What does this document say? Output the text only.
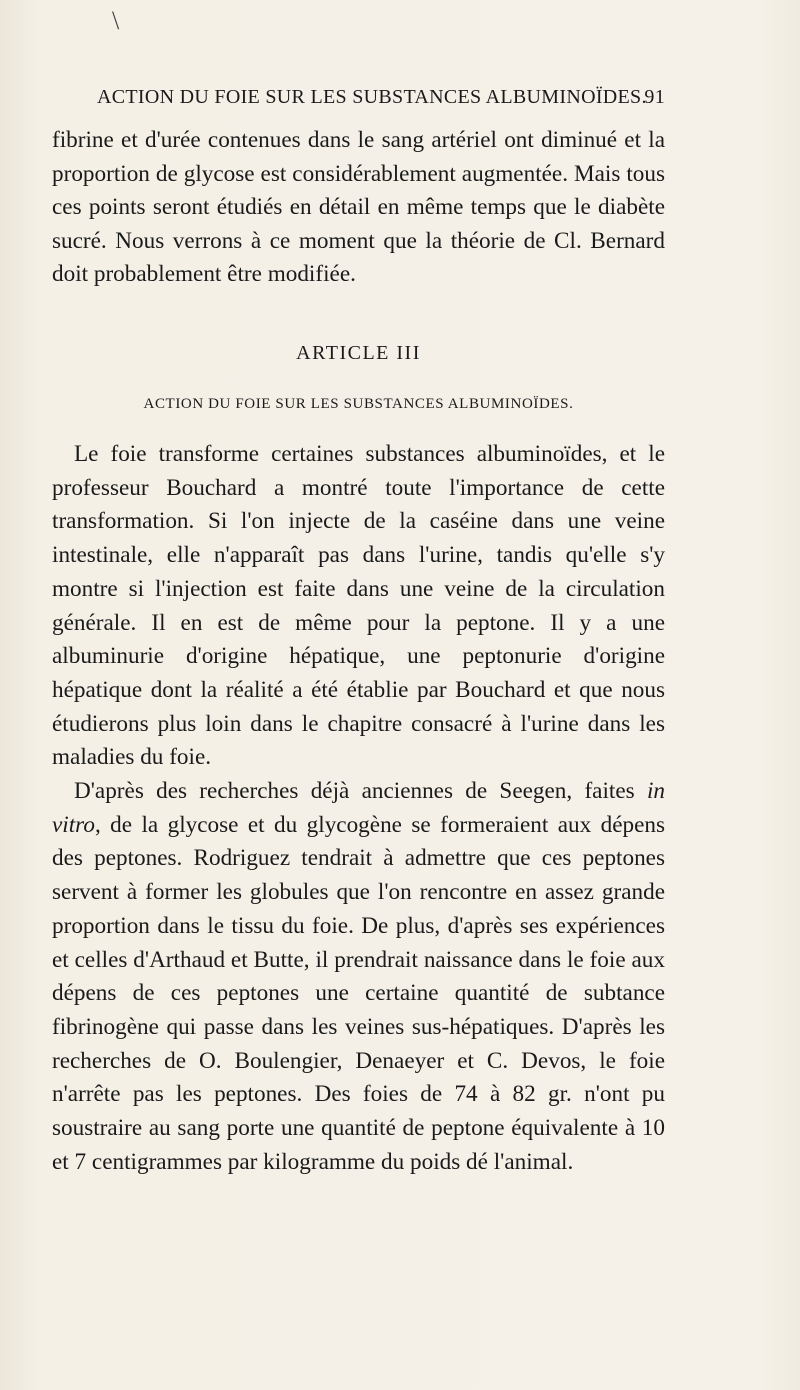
\
ACTION DU FOIE SUR LES SUBSTANCES ALBUMINOÏDES.
91

fibrine et d'urée contenues dans le sang artériel ont diminué et la proportion de glycose est considérablement augmentée. Mais tous ces points seront étudiés en détail en même temps que le diabète sucré. Nous verrons à ce moment que la théorie de Cl. Bernard doit probablement être modifiée.

ARTICLE III
ACTION DU FOIE SUR LES SUBSTANCES ALBUMINOÏDES.

Le foie transforme certaines substances albuminoïdes, et le professeur Bouchard a montré toute l'importance de cette transformation. Si l'on injecte de la caséine dans une veine intestinale, elle n'apparaît pas dans l'urine, tandis qu'elle s'y montre si l'injection est faite dans une veine de la circulation générale. Il en est de même pour la peptone. Il y a une albuminurie d'origine hépatique, une peptonurie d'origine hépatique dont la réalité a été établie par Bouchard et que nous étudierons plus loin dans le chapitre consacré à l'urine dans les maladies du foie.

D'après des recherches déjà anciennes de Seegen, faites in vitro, de la glycose et du glycogène se formeraient aux dépens des peptones. Rodriguez tendrait à admettre que ces peptones servent à former les globules que l'on rencontre en assez grande proportion dans le tissu du foie. De plus, d'après ses expériences et celles d'Arthaud et Butte, il prendrait naissance dans le foie aux dépens de ces peptones une certaine quantité de subtance fibrinogène qui passe dans les veines sus-hépatiques. D'après les recherches de O. Boulengier, Denaeyer et C. Devos, le foie n'arrête pas les peptones. Des foies de 74 à 82 gr. n'ont pu soustraire au sang porte une quantité de peptone équivalente à 10 et 7 centigrammes par kilogramme du poids dé l'animal.
